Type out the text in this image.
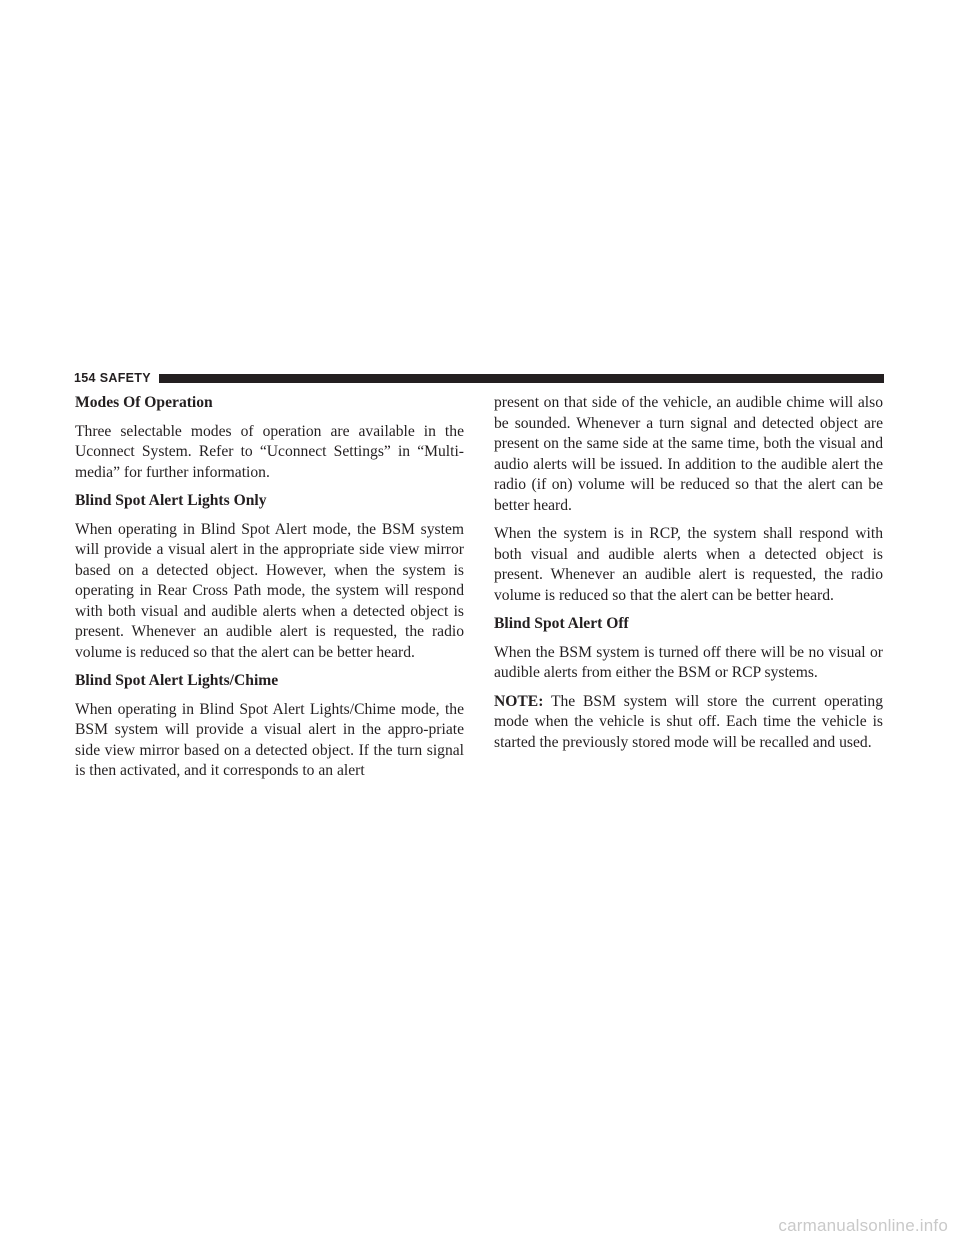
154 SAFETY
Modes Of Operation

Three selectable modes of operation are available in the Uconnect System. Refer to “Uconnect Settings” in “Multi-media” for further information.

Blind Spot Alert Lights Only

When operating in Blind Spot Alert mode, the BSM system will provide a visual alert in the appropriate side view mirror based on a detected object. However, when the system is operating in Rear Cross Path mode, the system will respond with both visual and audible alerts when a detected object is present. Whenever an audible alert is requested, the radio volume is reduced so that the alert can be better heard.

Blind Spot Alert Lights/Chime

When operating in Blind Spot Alert Lights/Chime mode, the BSM system will provide a visual alert in the appro-priate side view mirror based on a detected object. If the turn signal is then activated, and it corresponds to an alert

present on that side of the vehicle, an audible chime will also be sounded. Whenever a turn signal and detected object are present on the same side at the same time, both the visual and audio alerts will be issued. In addition to the audible alert the radio (if on) volume will be reduced so that the alert can be better heard.

When the system is in RCP, the system shall respond with both visual and audible alerts when a detected object is present. Whenever an audible alert is requested, the radio volume is reduced so that the alert can be better heard.

Blind Spot Alert Off

When the BSM system is turned off there will be no visual or audible alerts from either the BSM or RCP systems.

NOTE: The BSM system will store the current operating mode when the vehicle is shut off. Each time the vehicle is started the previously stored mode will be recalled and used.

carmanualsonline.info
